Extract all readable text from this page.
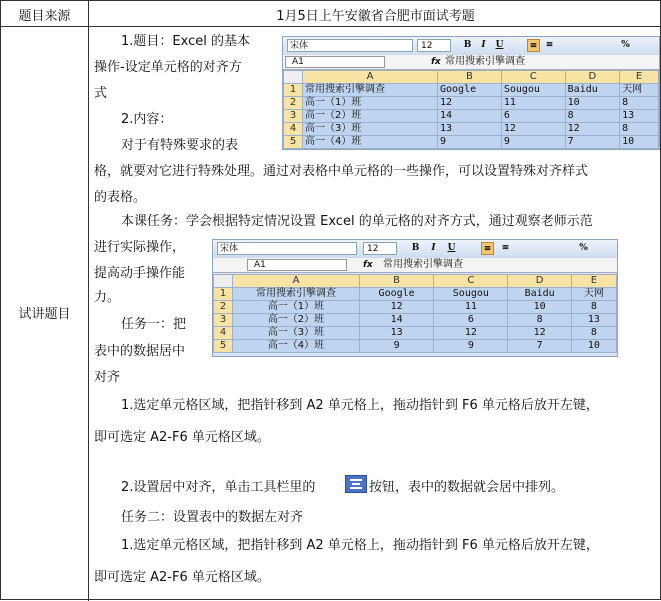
题目来源	1月5日上午安徽省合肥市面试考题
试讲题目
1.题目：Excel 的基本
操作-设定单元格的对齐方
式
2.内容：
对于有特殊要求的表
格，就要对它进行特殊处理。通过对表格中单元格的一些操作，可以设置特殊对齐样式
的表格。
本课任务：学会根据特定情况设置 Excel 的单元格的对齐方式，通过观察老师示范
进行实际操作，
提高动手操作能
力。
任务一：把
表中的数据居中
对齐
1.选定单元格区域，把指针移到 A2 单元格上，拖动指针到 F6 单元格后放开左键，
即可选定 A2-F6 单元格区域。
2.设置居中对齐，单击工具栏里的	按钮，表中的数据就会居中排列。
任务二：设置表中的数据左对齐
1.选定单元格区域，把指针移到 A2 单元格上，拖动指针到 F6 单元格后放开左键，
即可选定 A2-F6 单元格区域。
宋体	12	B	I	U	≡ ≡	%
A1	fx 常用搜索引擎调查
	A	B	C	D	E
1	常用搜索引擎调查	Google	Sougou	Baidu	天网
2	高一（1）班	12	11	10	8
3	高一（2）班	14	6	8	13
4	高一（3）班	13	12	12	8
5	高一（4）班	9	9	7	10
宋体	12	B	I	U	≡	≡	%
A1	fx 常用搜索引擎调查
	A	B	C	D	E
1	常用搜索引擎调查	Google	Sougou	Baidu	天网
2	高一（1）班	12	11	10	8
3	高一（2）班	14	6	8	13
4	高一（3）班	13	12	12	8
5	高一（4）班	9	9	7	10
